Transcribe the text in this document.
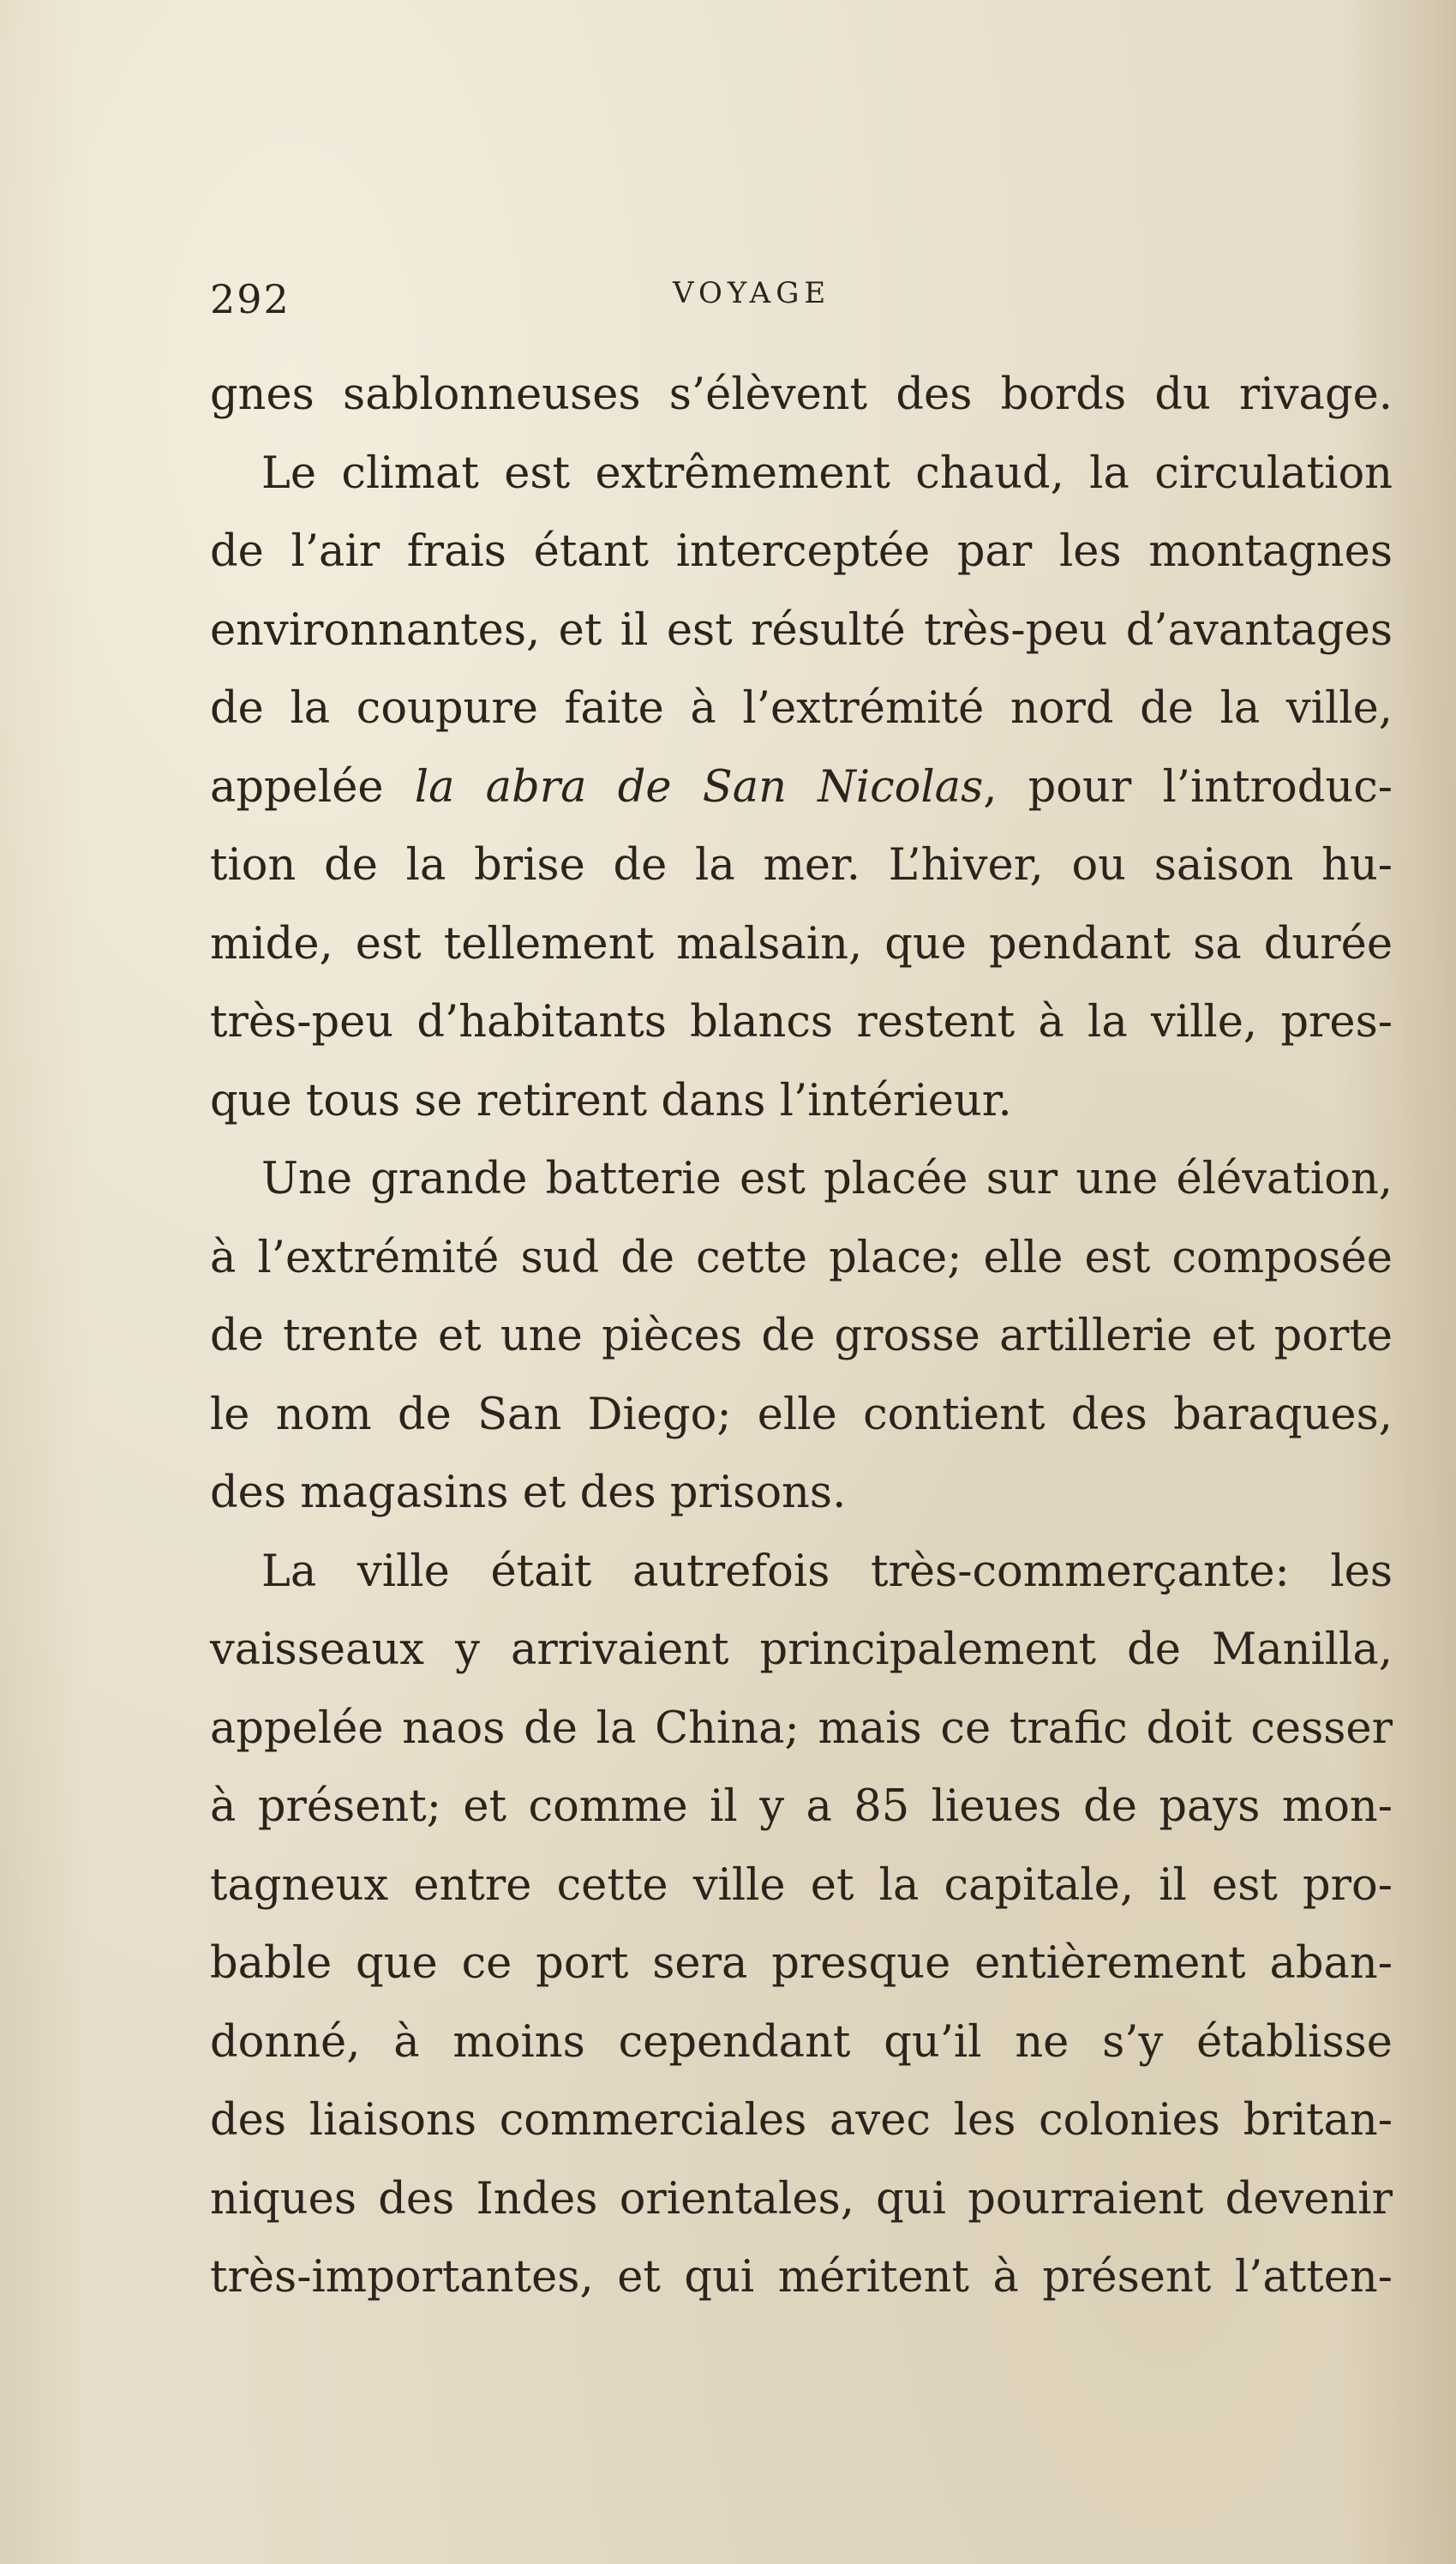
292	VOYAGE
gnes sablonneuses s’élèvent des bords du rivage.
Le climat est extrêmement chaud, la circulation
de l’air frais étant interceptée par les montagnes
environnantes, et il est résulté très-peu d’avantages
de la coupure faite à l’extrémité nord de la ville,
appelée la abra de San Nicolas, pour l’introduc-
tion de la brise de la mer. L’hiver, ou saison hu-
mide, est tellement malsain, que pendant sa durée
très-peu d’habitants blancs restent à la ville, pres-
que tous se retirent dans l’intérieur.
Une grande batterie est placée sur une élévation,
à l’extrémité sud de cette place; elle est composée
de trente et une pièces de grosse artillerie et porte
le nom de San Diego; elle contient des baraques,
des magasins et des prisons.
La ville était autrefois très-commerçante: les
vaisseaux y arrivaient principalement de Manilla,
appelée naos de la China; mais ce trafic doit cesser
à présent; et comme il y a 85 lieues de pays mon-
tagneux entre cette ville et la capitale, il est pro-
bable que ce port sera presque entièrement aban-
donné, à moins cependant qu’il ne s’y établisse
des liaisons commerciales avec les colonies britan-
niques des Indes orientales, qui pourraient devenir
très-importantes, et qui méritent à présent l’atten-
